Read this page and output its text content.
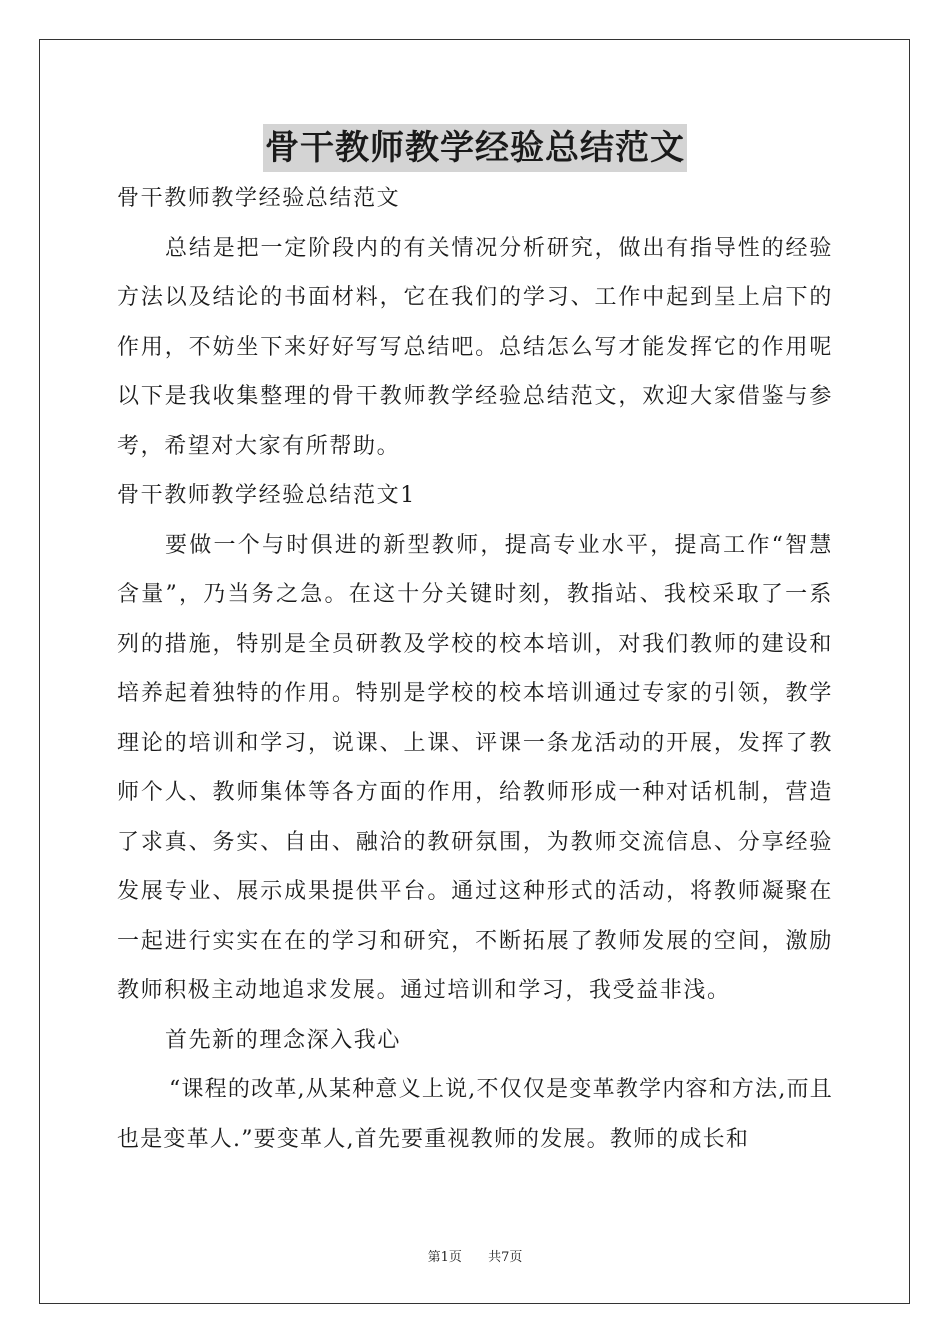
骨干教师教学经验总结范文

骨干教师教学经验总结范文

总结是把一定阶段内的有关情况分析研究，做出有指导性的经验方法以及结论的书面材料，它在我们的学习、工作中起到呈上启下的作用，不妨坐下来好好写写总结吧。总结怎么写才能发挥它的作用呢以下是我收集整理的骨干教师教学经验总结范文，欢迎大家借鉴与参考，希望对大家有所帮助。

骨干教师教学经验总结范文1

要做一个与时俱进的新型教师，提高专业水平，提高工作“智慧含量”，乃当务之急。在这十分关键时刻，教指站、我校采取了一系列的措施，特别是全员研教及学校的校本培训，对我们教师的建设和培养起着独特的作用。特别是学校的校本培训通过专家的引领，教学理论的培训和学习，说课、上课、评课一条龙活动的开展，发挥了教师个人、教师集体等各方面的作用，给教师形成一种对话机制，营造了求真、务实、自由、融洽的教研氛围，为教师交流信息、分享经验发展专业、展示成果提供平台。通过这种形式的活动，将教师凝聚在一起进行实实在在的学习和研究，不断拓展了教师发展的空间，激励教师积极主动地追求发展。通过培训和学习，我受益非浅。

首先新的理念深入我心

“课程的改革,从某种意义上说,不仅仅是变革教学内容和方法,而且也是变革人.”要变革人,首先要重视教师的发展。教师的成长和

第1页 共7页
